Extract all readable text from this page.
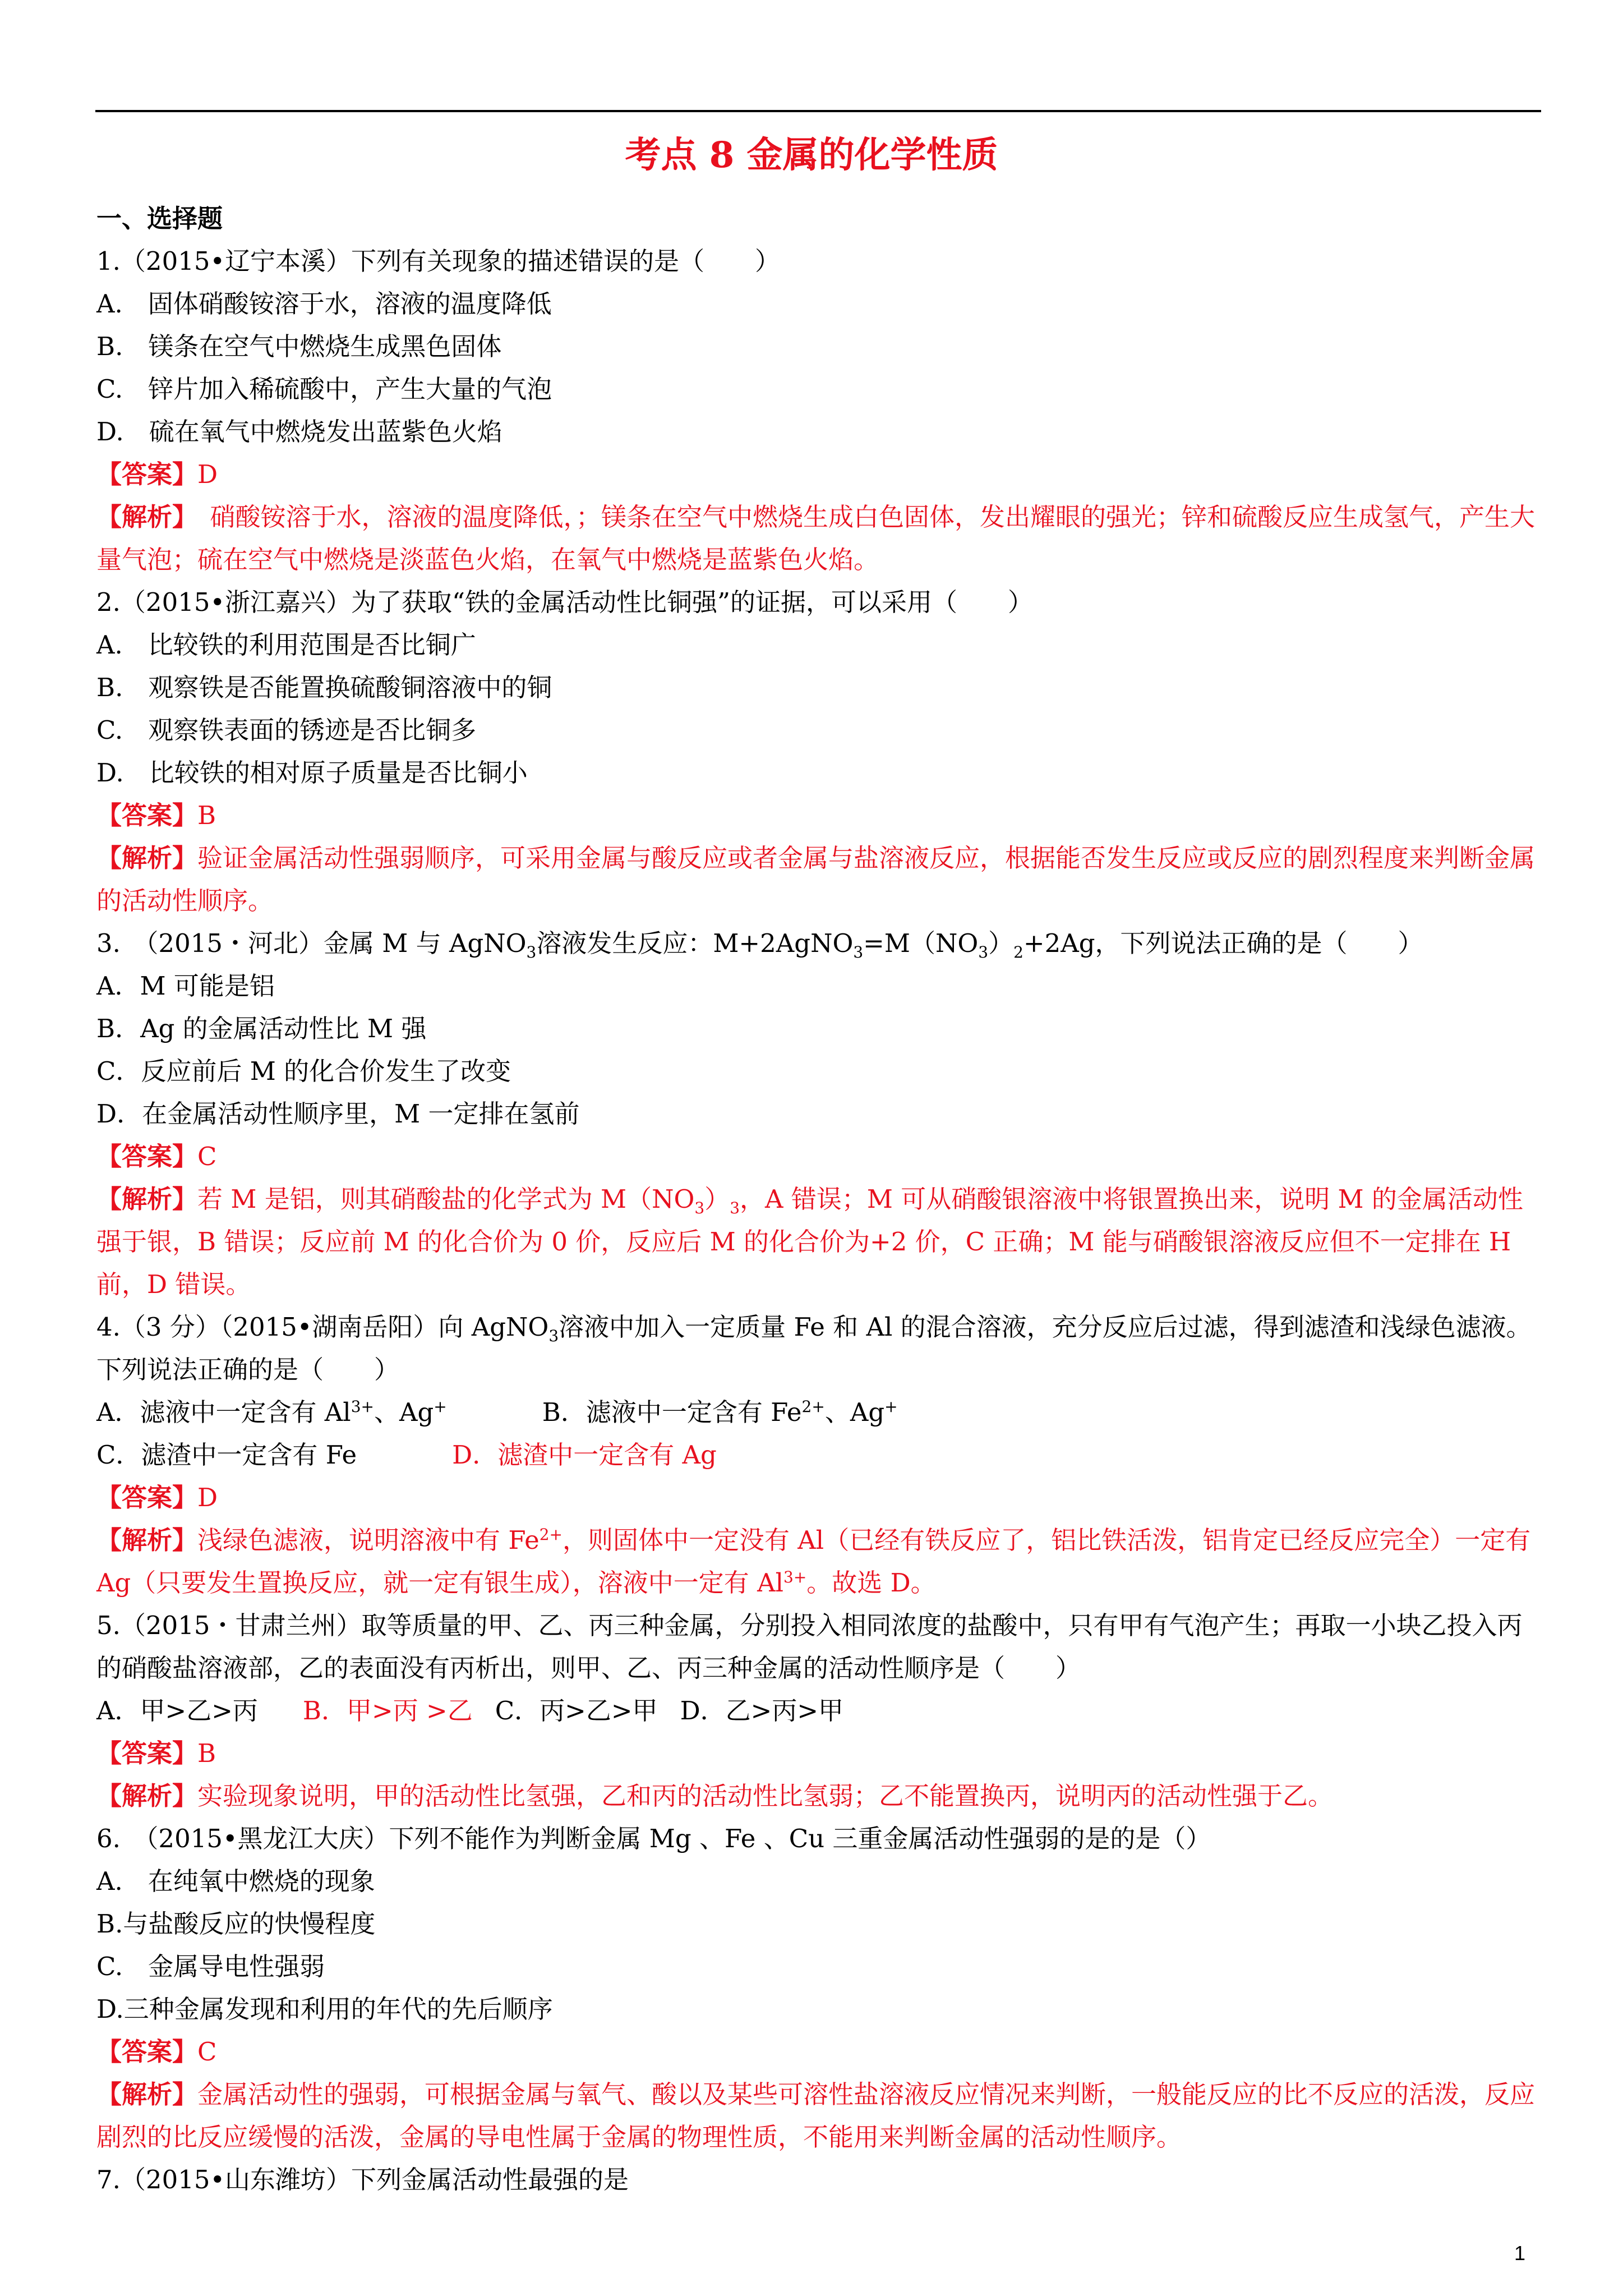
考点 8 金属的化学性质
一、选择题
1.（2015•辽宁本溪）下列有关现象的描述错误的是（　　）
A.　固体硝酸铵溶于水，溶液的温度降低
B.　镁条在空气中燃烧生成黑色固体
C.　锌片加入稀硫酸中，产生大量的气泡
D.　硫在氧气中燃烧发出蓝紫色火焰
【答案】D
【解析】　硝酸铵溶于水，溶液的温度降低，；镁条在空气中燃烧生成白色固体，发出耀眼的强光；锌和硫酸反应生成氢气，产生大量气泡；硫在空气中燃烧是淡蓝色火焰，在氧气中燃烧是蓝紫色火焰。
2.（2015•浙江嘉兴）为了获取“铁的金属活动性比铜强”的证据，可以采用（　　）
A.　比较铁的利用范围是否比铜广
B.　观察铁是否能置换硫酸铜溶液中的铜
C.　观察铁表面的锈迹是否比铜多
D.　比较铁的相对原子质量是否比铜小
【答案】B
【解析】验证金属活动性强弱顺序，可采用金属与酸反应或者金属与盐溶液反应，根据能否发生反应或反应的剧烈程度来判断金属的活动性顺序。
3.　（2015・河北）金属 M 与 AgNO$_3$溶液发生反应：$M+2AgNO_3=M(NO_3)_2+2Ag$，下列说法正确的是（　　）
A．M 可能是铝
B．Ag 的金属活动性比 M 强
C．反应前后 M 的化合价发生了改变
D．在金属活动性顺序里，M 一定排在氢前
【答案】C
【解析】若 M 是铝，则其硝酸盐的化学式为 $M(NO_3)_3$，A 错误；M 可从硝酸银溶液中将银置换出来，说明 M 的金属活动性强于银，B 错误；反应前 M 的化合价为 0 价，反应后 M 的化合价为+2 价，C 正确；M 能与硝酸银溶液反应但不一定排在 H 前，D 错误。
4.（3 分）（2015•湖南岳阳）向 AgNO$_3$溶液中加入一定质量 Fe 和 Al 的混合溶液，充分反应后过滤，得到滤渣和浅绿色滤液。下列说法正确的是（　　）
A．滤液中一定含有 $Al^{3+}$、Ag+	B．滤液中一定含有 $Fe^{2+}$、Ag+
C．滤渣中一定含有 Fe	D．滤渣中一定含有 Ag
【答案】D
【解析】浅绿色滤液，说明溶液中有 $Fe^{2+}$，则固体中一定没有 Al（已经有铁反应了，铝比铁活泼，铝肯定已经反应完全）一定有 Ag（只要发生置换反应，就一定有银生成），溶液中一定有 $Al^{3+}$。故选 D。
5.（2015・甘肃兰州）取等质量的甲、乙、丙三种金属，分别投入相同浓度的盐酸中，只有甲有气泡产生；再取一小块乙投入丙的硝酸盐溶液部，乙的表面没有丙析出，则甲、乙、丙三种金属的活动性顺序是（　　）
A．甲>乙>丙 B．甲>丙 >乙 C．丙>乙>甲 D．乙>丙>甲
【答案】B
【解析】实验现象说明，甲的活动性比氢强，乙和丙的活动性比氢弱；乙不能置换丙，说明丙的活动性强于乙。
6.　（2015•黑龙江大庆）下列不能作为判断金属 Mg 、Fe 、Cu 三重金属活动性强弱的是的是（）
A.　在纯氧中燃烧的现象
B.与盐酸反应的快慢程度
C.　金属导电性强弱
D.三种金属发现和利用的年代的先后顺序
【答案】C
【解析】金属活动性的强弱，可根据金属与氧气、酸以及某些可溶性盐溶液反应情况来判断，一般能反应的比不反应的活泼，反应剧烈的比反应缓慢的活泼，金属的导电性属于金属的物理性质，不能用来判断金属的活动性顺序。
7.（2015•山东潍坊）下列金属活动性最强的是
1
